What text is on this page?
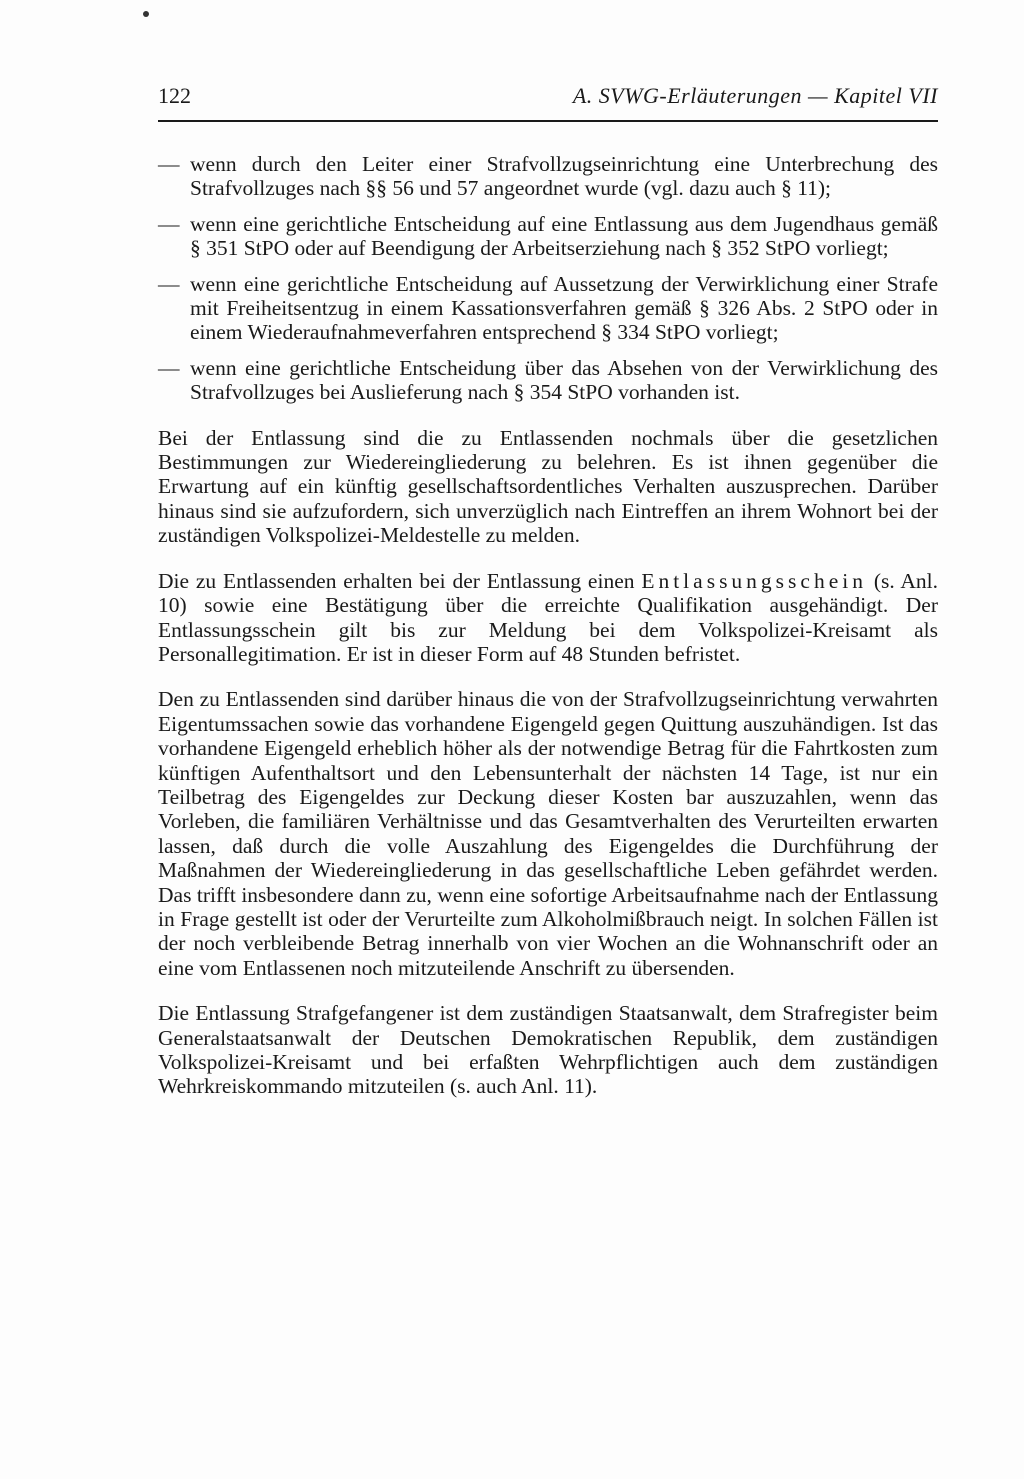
122	A. SVWG-Erläuterungen — Kapitel VII
— wenn durch den Leiter einer Strafvollzugseinrichtung eine Unterbrechung des Strafvollzuges nach §§ 56 und 57 angeordnet wurde (vgl. dazu auch § 11);
— wenn eine gerichtliche Entscheidung auf eine Entlassung aus dem Jugendhaus gemäß § 351 StPO oder auf Beendigung der Arbeitserziehung nach § 352 StPO vorliegt;
— wenn eine gerichtliche Entscheidung auf Aussetzung der Verwirklichung einer Strafe mit Freiheitsentzug in einem Kassationsverfahren gemäß § 326 Abs. 2 StPO oder in einem Wiederaufnahmeverfahren entsprechend § 334 StPO vorliegt;
— wenn eine gerichtliche Entscheidung über das Absehen von der Verwirklichung des Strafvollzuges bei Auslieferung nach § 354 StPO vorhanden ist.

Bei der Entlassung sind die zu Entlassenden nochmals über die gesetzlichen Bestimmungen zur Wiedereingliederung zu belehren. Es ist ihnen gegenüber die Erwartung auf ein künftig gesellschaftsordentliches Verhalten auszusprechen. Darüber hinaus sind sie aufzufordern, sich unverzüglich nach Eintreffen an ihrem Wohnort bei der zuständigen Volkspolizei-Meldestelle zu melden.

Die zu Entlassenden erhalten bei der Entlassung einen Entlassungsschein (s. Anl. 10) sowie eine Bestätigung über die erreichte Qualifikation ausgehändigt. Der Entlassungsschein gilt bis zur Meldung bei dem Volkspolizei-Kreisamt als Personallegitimation. Er ist in dieser Form auf 48 Stunden befristet.

Den zu Entlassenden sind darüber hinaus die von der Strafvollzugseinrichtung verwahrten Eigentumssachen sowie das vorhandene Eigengeld gegen Quittung auszuhändigen. Ist das vorhandene Eigengeld erheblich höher als der notwendige Betrag für die Fahrtkosten zum künftigen Aufenthaltsort und den Lebensunterhalt der nächsten 14 Tage, ist nur ein Teilbetrag des Eigengeldes zur Deckung dieser Kosten bar auszuzahlen, wenn das Vorleben, die familiären Verhältnisse und das Gesamtverhalten des Verurteilten erwarten lassen, daß durch die volle Auszahlung des Eigengeldes die Durchführung der Maßnahmen der Wiedereingliederung in das gesellschaftliche Leben gefährdet werden. Das trifft insbesondere dann zu, wenn eine sofortige Arbeitsaufnahme nach der Entlassung in Frage gestellt ist oder der Verurteilte zum Alkoholmißbrauch neigt. In solchen Fällen ist der noch verbleibende Betrag innerhalb von vier Wochen an die Wohnanschrift oder an eine vom Entlassenen noch mitzuteilende Anschrift zu übersenden.

Die Entlassung Strafgefangener ist dem zuständigen Staatsanwalt, dem Strafregister beim Generalstaatsanwalt der Deutschen Demokratischen Republik, dem zuständigen Volkspolizei-Kreisamt und bei erfaßten Wehrpflichtigen auch dem zuständigen Wehrkreiskommando mitzuteilen (s. auch Anl. 11).
